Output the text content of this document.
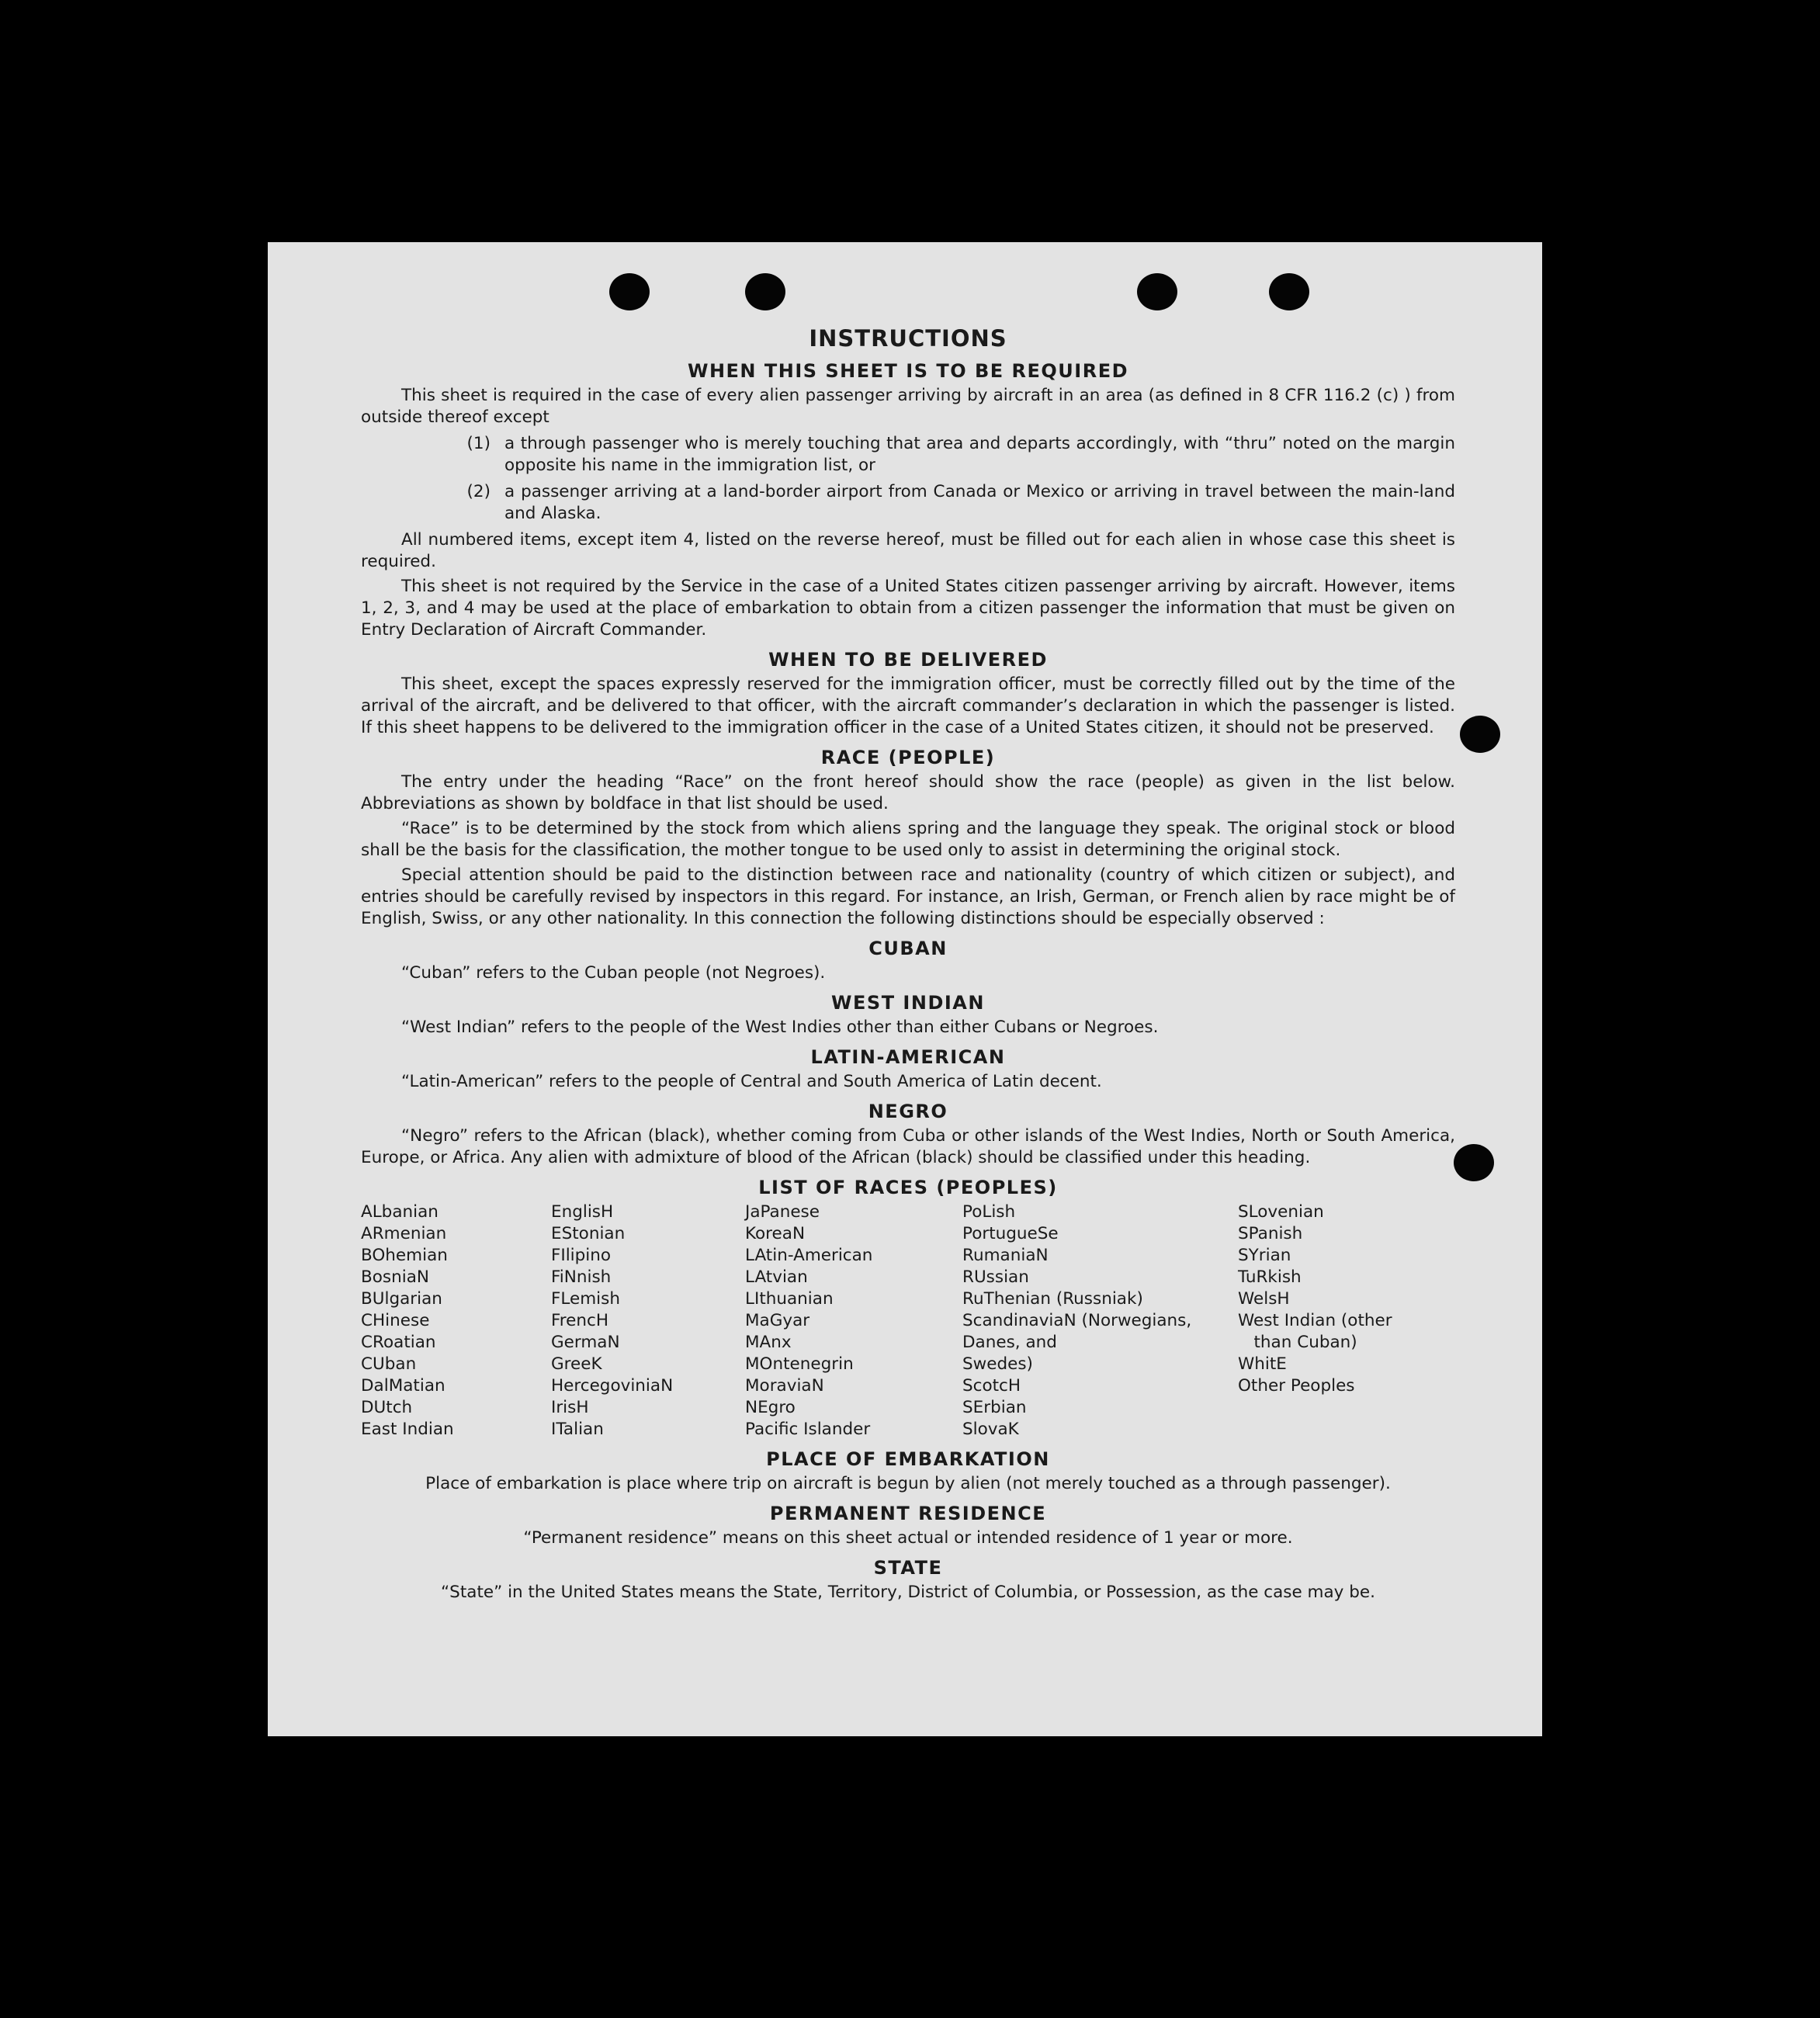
INSTRUCTIONS
WHEN THIS SHEET IS TO BE REQUIRED

This sheet is required in the case of every alien passenger arriving by aircraft in an area (as defined in 8 CFR 116.2 (c) ) from outside thereof except

(1) a through passenger who is merely touching that area and departs accordingly, with “thru” noted on the margin opposite his name in the immigration list, or
(2) a passenger arriving at a land-border airport from Canada or Mexico or arriving in travel between the main-land and Alaska.

All numbered items, except item 4, listed on the reverse hereof, must be filled out for each alien in whose case this sheet is required.

This sheet is not required by the Service in the case of a United States citizen passenger arriving by aircraft. However, items 1, 2, 3, and 4 may be used at the place of embarkation to obtain from a citizen passenger the information that must be given on Entry Declaration of Aircraft Commander.

WHEN TO BE DELIVERED

This sheet, except the spaces expressly reserved for the immigration officer, must be correctly filled out by the time of the arrival of the aircraft, and be delivered to that officer, with the aircraft commander’s declaration in which the passenger is listed. If this sheet happens to be delivered to the immigration officer in the case of a United States citizen, it should not be preserved.

RACE (PEOPLE)

The entry under the heading “Race” on the front hereof should show the race (people) as given in the list below. Abbreviations as shown by boldface in that list should be used.

“Race” is to be determined by the stock from which aliens spring and the language they speak. The original stock or blood shall be the basis for the classification, the mother tongue to be used only to assist in determining the original stock.

Special attention should be paid to the distinction between race and nationality (country of which citizen or subject), and entries should be carefully revised by inspectors in this regard. For instance, an Irish, German, or French alien by race might be of English, Swiss, or any other nationality. In this connection the following distinctions should be especially observed :

CUBAN

“Cuban” refers to the Cuban people (not Negroes).

WEST INDIAN

“West Indian” refers to the people of the West Indies other than either Cubans or Negroes.

LATIN-AMERICAN

“Latin-American” refers to the people of Central and South America of Latin decent.

NEGRO

“Negro” refers to the African (black), whether coming from Cuba or other islands of the West Indies, North or South America, Europe, or Africa. Any alien with admixture of blood of the African (black) should be classified under this heading.

LIST OF RACES (PEOPLES)
ALbanian
ARmenian
BOhemian
BosniaN
BUlgarian
CHinese
CRoatian
CUban
DalMatian
DUtch
East Indian
EnglisH
EStonian
FIlipino
FiNnish
FLemish
FrencH
GermaN
GreeK
HercegoviniaN
IrisH
ITalian
JaPanese
KoreaN
LAtin-American
LAtvian
LIthuanian
MaGyar
MAnx
MOntenegrin
MoraviaN
NEgro
Pacific Islander
PoLish
PortugueSe
RumaniaN
RUssian
RuThenian (Russniak)
ScandinaviaN (Norwegians,
Danes, and
Swedes)
ScotcH
SErbian
SlovaK
SLovenian
SPanish
SYrian
TuRkish
WelsH
West Indian (other
than Cuban)
WhitE
Other Peoples
PLACE OF EMBARKATION

Place of embarkation is place where trip on aircraft is begun by alien (not merely touched as a through passenger).

PERMANENT RESIDENCE

“Permanent residence” means on this sheet actual or intended residence of 1 year or more.

STATE

“State” in the United States means the State, Territory, District of Columbia, or Possession, as the case may be.
